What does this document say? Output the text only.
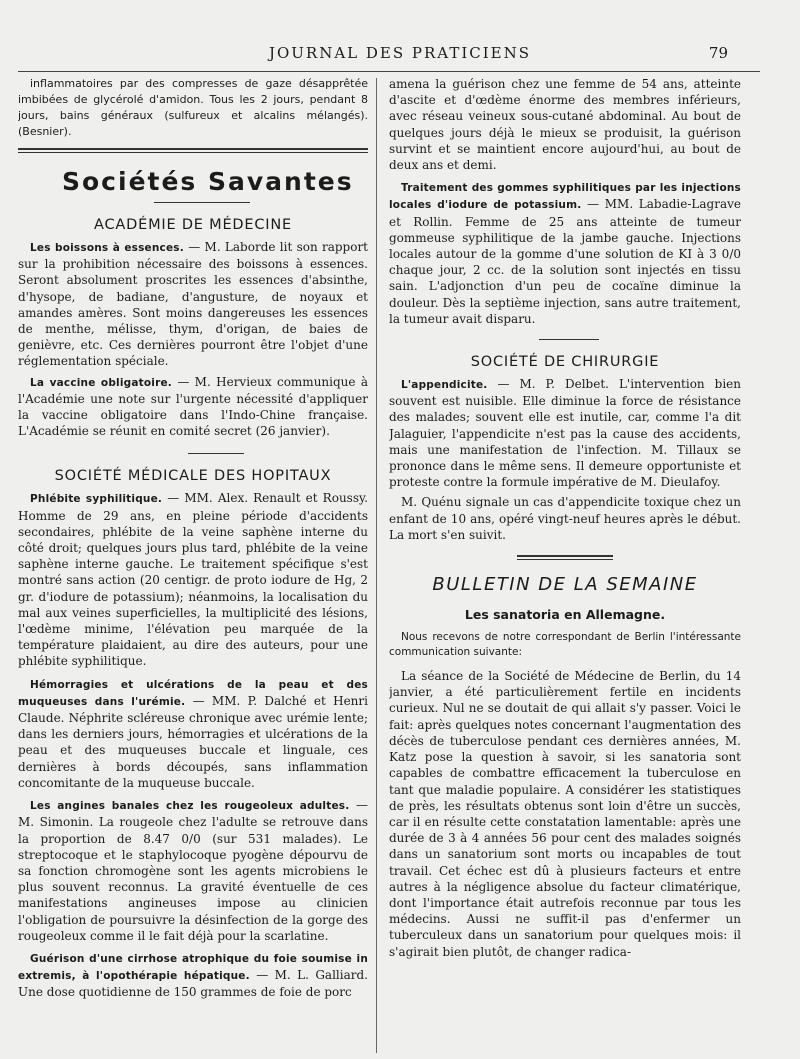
JOURNAL DES PRATICIENS	79

inflammatoires par des compresses de gaze désapprêtée imbibées de glycérolé d'amidon. Tous les 2 jours, pendant 8 jours, bains généraux (sulfureux et alcalins mélangés). (Besnier).

Sociétés Savantes
ACADÉMIE DE MÉDECINE

Les boissons à essences. — M. Laborde lit son rapport sur la prohibition nécessaire des boissons à essences. Seront absolument proscrites les essences d'absinthe, d'hysope, de badiane, d'angusture, de noyaux et amandes amères. Sont moins dangereuses les essences de menthe, mélisse, thym, d'origan, de baies de genièvre, etc. Ces dernières pourront être l'objet d'une réglementation spéciale.

La vaccine obligatoire. — M. Hervieux communique à l'Académie une note sur l'urgente nécessité d'appliquer la vaccine obligatoire dans l'Indo-Chine française. L'Académie se réunit en comité secret (26 janvier).

SOCIÉTÉ MÉDICALE DES HOPITAUX

Phlébite syphilitique. — MM. Alex. Renault et Roussy. Homme de 29 ans, en pleine période d'accidents secondaires, phlébite de la veine saphène interne du côté droit; quelques jours plus tard, phlébite de la veine saphène interne gauche. Le traitement spécifique s'est montré sans action (20 centigr. de proto iodure de Hg, 2 gr. d'iodure de potassium); néanmoins, la localisation du mal aux veines superficielles, la multiplicité des lésions, l'œdème minime, l'élévation peu marquée de la température plaidaient, au dire des auteurs, pour une phlébite syphilitique.

Hémorragies et ulcérations de la peau et des muqueuses dans l'urémie. — MM. P. Dalché et Henri Claude. Néphrite scléreuse chronique avec urémie lente; dans les derniers jours, hémorragies et ulcérations de la peau et des muqueuses buccale et linguale, ces dernières à bords découpés, sans inflammation concomitante de la muqueuse buccale.

Les angines banales chez les rougeoleux adultes. — M. Simonin. La rougeole chez l'adulte se retrouve dans la proportion de 8.47 0/0 (sur 531 malades). Le streptocoque et le staphylocoque pyogène dépourvu de sa fonction chromogène sont les agents microbiens le plus souvent reconnus. La gravité éventuelle de ces manifestations angineuses impose au clinicien l'obligation de poursuivre la désinfection de la gorge des rougeoleux comme il le fait déjà pour la scarlatine.

Guérison d'une cirrhose atrophique du foie soumise in extremis, à l'opothérapie hépatique. — M. L. Galliard. Une dose quotidienne de 150 grammes de foie de porc

amena la guérison chez une femme de 54 ans, atteinte d'ascite et d'œdème énorme des membres inférieurs, avec réseau veineux sous-cutané abdominal. Au bout de quelques jours déjà le mieux se produisit, la guérison survint et se maintient encore aujourd'hui, au bout de deux ans et demi.

Traitement des gommes syphilitiques par les injections locales d'iodure de potassium. — MM. Labadie-Lagrave et Rollin. Femme de 25 ans atteinte de tumeur gommeuse syphilitique de la jambe gauche. Injections locales autour de la gomme d'une solution de KI à 3 0/0 chaque jour, 2 cc. de la solution sont injectés en tissu sain. L'adjonction d'un peu de cocaïne diminue la douleur. Dès la septième injection, sans autre traitement, la tumeur avait disparu.

SOCIÉTÉ DE CHIRURGIE

L'appendicite. — M. P. Delbet. L'intervention bien souvent est nuisible. Elle diminue la force de résistance des malades; souvent elle est inutile, car, comme l'a dit Jalaguier, l'appendicite n'est pas la cause des accidents, mais une manifestation de l'infection. M. Tillaux se prononce dans le même sens. Il demeure opportuniste et proteste contre la formule impérative de M. Dieulafoy.

M. Quénu signale un cas d'appendicite toxique chez un enfant de 10 ans, opéré vingt-neuf heures après le début. La mort s'en suivit.

BULLETIN DE LA SEMAINE
Les sanatoria en Allemagne.

Nous recevons de notre correspondant de Berlin l'intéressante communication suivante:

La séance de la Société de Médecine de Berlin, du 14 janvier, a été particulièrement fertile en incidents curieux. Nul ne se doutait de qui allait s'y passer. Voici le fait: après quelques notes concernant l'augmentation des décès de tuberculose pendant ces dernières années, M. Katz pose la question à savoir, si les sanatoria sont capables de combattre efficacement la tuberculose en tant que maladie populaire. A considérer les statistiques de près, les résultats obtenus sont loin d'être un succès, car il en résulte cette constatation lamentable: après une durée de 3 à 4 années 56 pour cent des malades soignés dans un sanatorium sont morts ou incapables de tout travail. Cet échec est dû à plusieurs facteurs et entre autres à la négligence absolue du facteur climatérique, dont l'importance était autrefois reconnue par tous les médecins. Aussi ne suffit-il pas d'enfermer un tuberculeux dans un sanatorium pour quelques mois: il s'agirait bien plutôt, de changer radica-
